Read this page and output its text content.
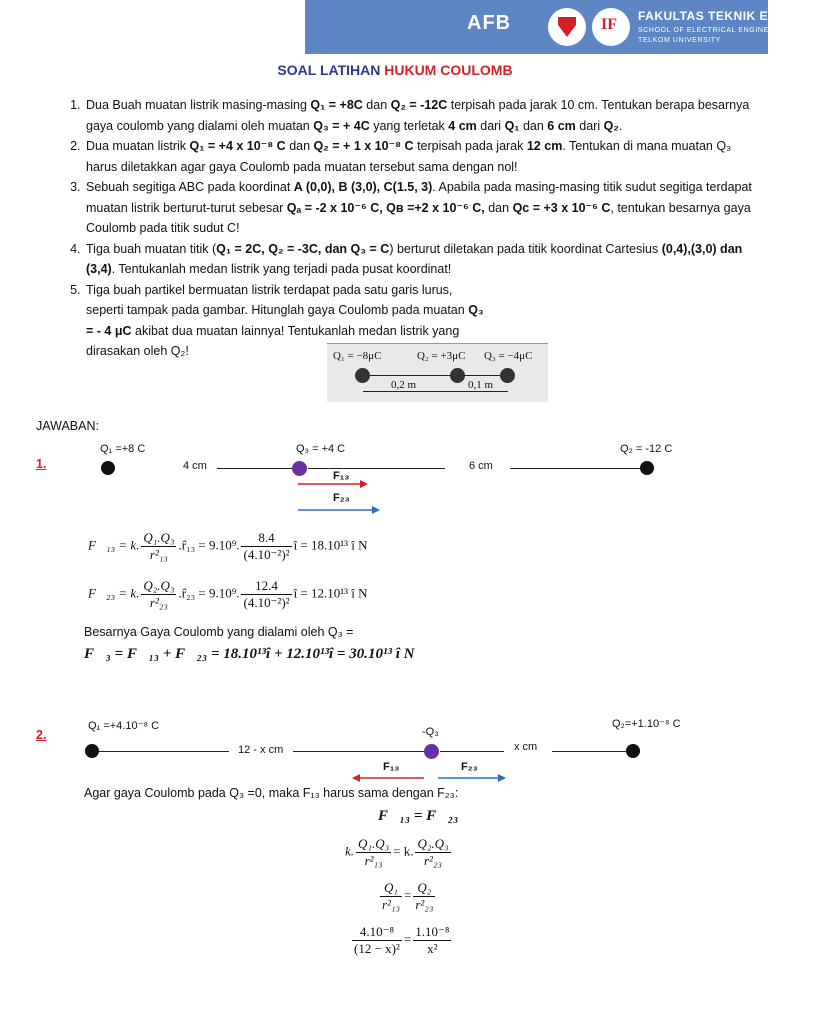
AFB
IF	FAKULTAS TEKNIK ELEKTRO
SCHOOL OF ELECTRICAL ENGINEERING
TELKOM UNIVERSITY
SOAL LATIHAN HUKUM COULOMB
1. Dua Buah muatan listrik masing-masing Q₁ = +8C dan Q₂ = -12C terpisah pada jarak 10 cm. Tentukan berapa besarnya gaya coulomb yang dialami oleh muatan Q₃ = + 4C yang terletak 4 cm dari Q₁ dan 6 cm dari Q₂.
2. Dua muatan listrik Q₁ = +4 x 10⁻⁸ C dan Q₂ = + 1 x 10⁻⁸ C terpisah pada jarak 12 cm. Tentukan di mana muatan Q₃ harus diletakkan agar gaya Coulomb pada muatan tersebut sama dengan nol!
3. Sebuah segitiga ABC pada koordinat A (0,0), B (3,0), C(1.5, 3). Apabila pada masing-masing titik sudut segitiga terdapat muatan listrik berturut-turut sebesar Qₐ = -2 x 10⁻⁶ C, Qʙ =+2 x 10⁻⁶ C, dan Qᴄ = +3 x 10⁻⁶ C, tentukan besarnya gaya Coulomb pada titik sudut C!
4. Tiga buah muatan titik (Q₁ = 2C, Q₂ = -3C, dan Q₃ = C) berturut diletakan pada titik koordinat Cartesius (0,4),(3,0) dan (3,4). Tentukanlah medan listrik yang terjadi pada pusat koordinat!
5. Tiga buah partikel bermuatan listrik terdapat pada satu garis lurus, seperti tampak pada gambar. Hitunglah gaya Coulomb pada muatan Q₃ = - 4 μC akibat dua muatan lainnya! Tentukanlah medan listrik yang dirasakan oleh Q₂!	Q₁ = −8μC	Q₂ = +3μC Q₃ = −4μC
0,2 m	0,1 m
JAWABAN:
1.
Q₁ =+8 C	Q₃ = +4 C	Q₂ = -12 C
4 cm	6 cm
F₁₃
F₂₃
F⃗₁₃ = k. $\frac{\text{Q₁.Q₃}}{\text{r²₁₃}}$ .r̂₁₃ = 9.10⁹. $\frac{8.4}{\text{(4.10⁻²)²}}$ î = 18.10¹³ î N
F⃗₂₃ = k. $\frac{\text{Q₂.Q₃}}{\text{r²₂₃}}$ .r̂₂₃ = 9.10⁹. $\frac{12.4}{\text{(4.10⁻²)²}}$ î = 12.10¹³ î N
Besarnya Gaya Coulomb yang dialami oleh Q₃ =
F⃗₃ = F⃗₁₃ + F⃗₂₃ = 18.10¹³î + 12.10¹³î = 30.10¹³ î N
2.
Q₁ =+4.10⁻⁸ C	-Q₃
Q₂=+1.10⁻⁸ C
12 - x cm	x cm
F₁₃	F₂₃
Agar gaya Coulomb pada Q₃ =0, maka F₁₃ harus sama dengan F₂₃:
F⃗₁₃ = F⃗₂₃
k. $\frac{\text{Q₁.Q₃}}{\text{r²₁₃}} = k$. $\frac{\text{Q₂.Q₃}}{\text{r²₂₃}}$
$\frac{\text{Q₁}}{\text{r²₁₃}} = \frac{\text{Q₂}}{\text{r²₂₃}}$
$\frac{\text{4.10⁻⁸}}{\text{(12 − x)²}} = \frac{\text{1.10⁻⁸}}{\text{x²}}$
